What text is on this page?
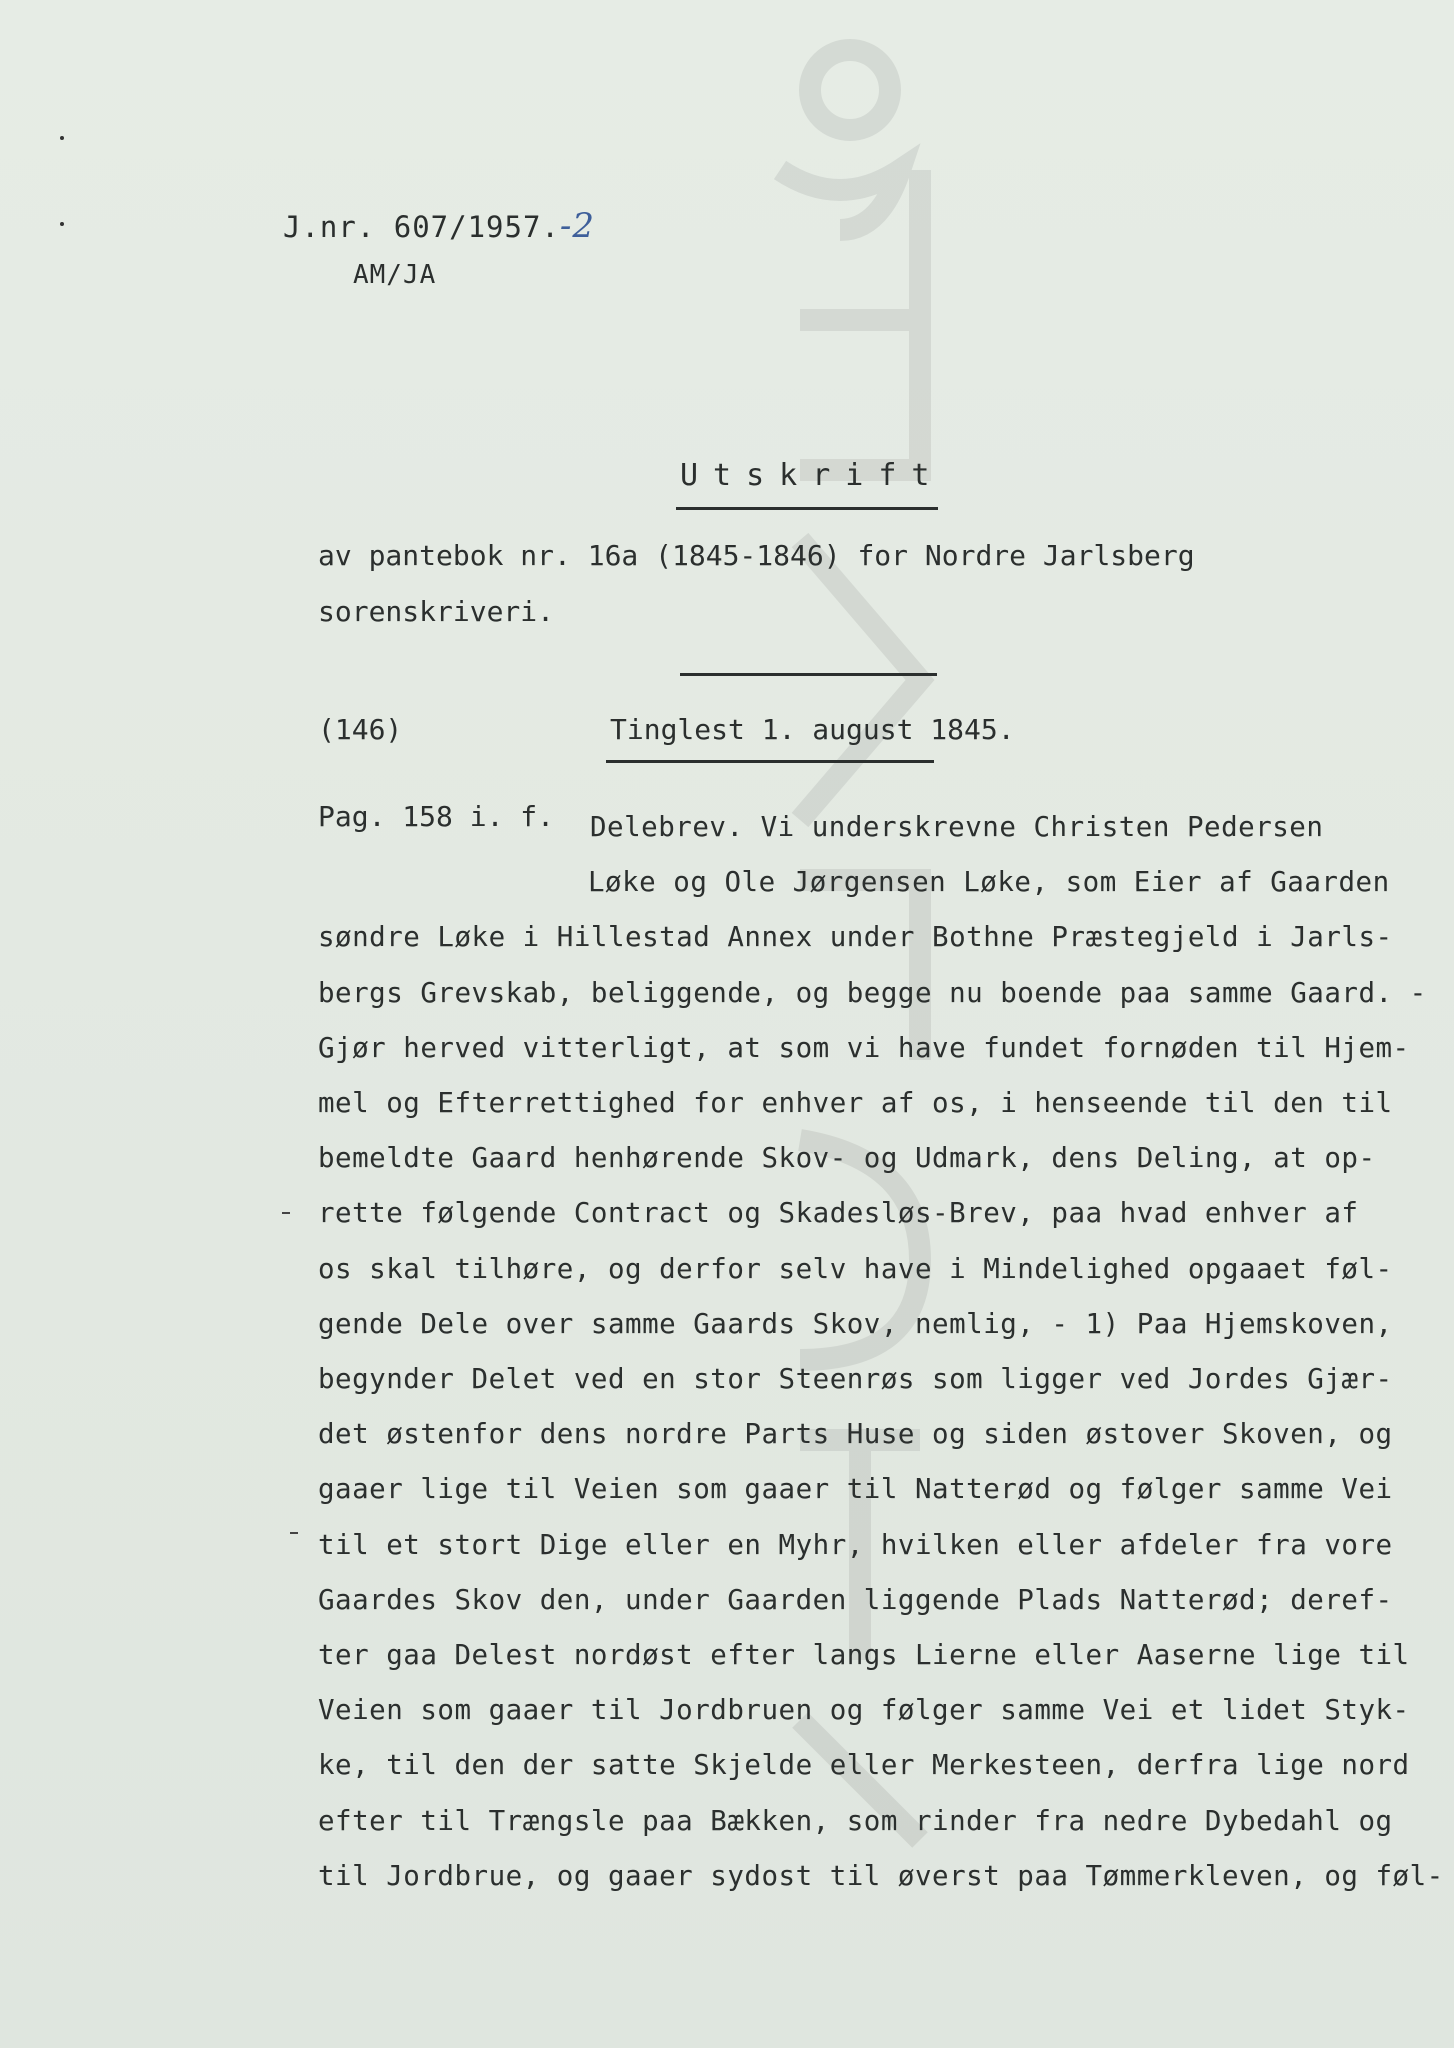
J.nr. 607/1957.-2
AM/JA
Utskrift
av pantebok nr. 16a (1845-1846) for Nordre Jarlsberg
sorenskriveri.
(146)	Tinglest 1. august 1845.
Pag. 158 i. f.	Delebrev. Vi underskrevne Christen Pedersen
Løke og Ole Jørgensen Løke, som Eier af Gaarden
søndre Løke i Hillestad Annex under Bothne Præstegjeld i Jarls-
bergs Grevskab, beliggende, og begge nu boende paa samme Gaard. -
Gjør herved vitterligt, at som vi have fundet fornøden til Hjem-
mel og Efterrettighed for enhver af os, i henseende til den til
bemeldte Gaard henhørende Skov- og Udmark, dens Deling, at op-
rette følgende Contract og Skadesløs-Brev, paa hvad enhver af
os skal tilhøre, og derfor selv have i Mindelighed opgaaet føl-
gende Dele over samme Gaards Skov, nemlig, - 1) Paa Hjemskoven,
begynder Delet ved en stor Steenrøs som ligger ved Jordes Gjær-
det østenfor dens nordre Parts Huse og siden østover Skoven, og
gaaer lige til Veien som gaaer til Natterød og følger samme Vei
til et stort Dige eller en Myhr, hvilken eller afdeler fra vore
Gaardes Skov den, under Gaarden liggende Plads Natterød; deref-
ter gaa Delest nordøst efter langs Lierne eller Aaserne lige til
Veien som gaaer til Jordbruen og følger samme Vei et lidet Styk-
ke, til den der satte Skjelde eller Merkesteen, derfra lige nord
efter til Trængsle paa Bækken, som rinder fra nedre Dybedahl og
til Jordbrue, og gaaer sydost til øverst paa Tømmerkleven, og føl-
